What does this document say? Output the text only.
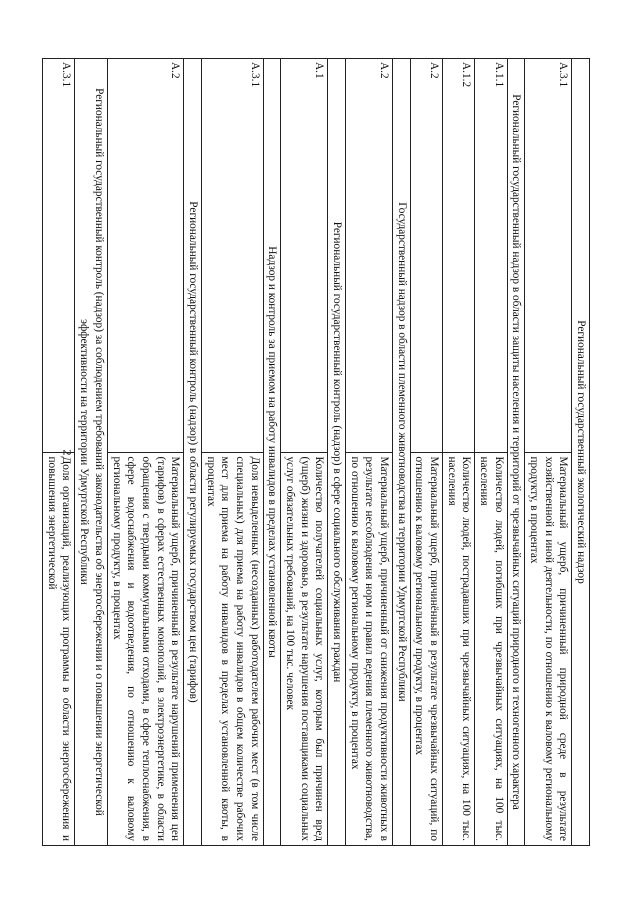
2	Региональный государственный экологический надзор	
А.3.1	Материальный ущерб, причиненный природной среде в результате хозяйственной и иной деятельности, по отношению к валовому региональному продукту, в процентах
Региональный государственный надзор в области защиты населения и территорий от чрезвычайных ситуаций природного и техногенного характера	
А.1.1	Количество людей, погибших при чрезвычайных ситуациях, на 100 тыс. населения
А.1.2	Количество людей, пострадавших при чрезвычайных ситуациях, на 100 тыс. населения
А.2	Материальный ущерб, причинённый в результате чрезвычайных ситуаций, по отношению к валовому региональному продукту, в процентах
Государственный надзор в области племенного животноводства на территории Удмуртской Республики	
А.2	Материальный ущерб, причиненный от снижения продуктивности животных в результате несоблюдения норм и правил ведения племенного животноводства, по отношению к валовому региональному продукту, в процентах
Региональный государственный контроль (надзор) в сфере социального обслуживания граждан	
А.1	Количество получателей социальных услуг, которым был причинен вред (ущерб) жизни и здоровью, в результате нарушения поставщиками социальных услуг обязательных требований, на 100 тыс. человек
Надзор и контроль за приемом на работу инвалидов в пределах установленной квоты	
А.3.1	Доля невыделенных (несозданных) работодателем рабочих мест (в том числе специальных) для приема на работу инвалидов в общем количестве рабочих мест для приема на работу инвалидов в пределах установленной квоты, в процентах
Региональный государственный контроль (надзор) в области регулируемых государством цен (тарифов)	
А.2	Материальный ущерб, причиненный в результате нарушений применения цен (тарифов) в сферах естественных монополий, в электроэнергетике, в области обращения с твердыми коммунальными отходами, в сфере теплоснабжения, в сфере водоснабжения и водоотведения, по отношению к валовому региональному продукту, в процентах
Региональный государственный контроль (надзор) за соблюдением требований законодательства об энергосбережении и о повышении энергетической эффективности на территории Удмуртской Республики	
А.3.1	Доля организаций, реализующих программы в области энергосбережения и повышения энергетической
